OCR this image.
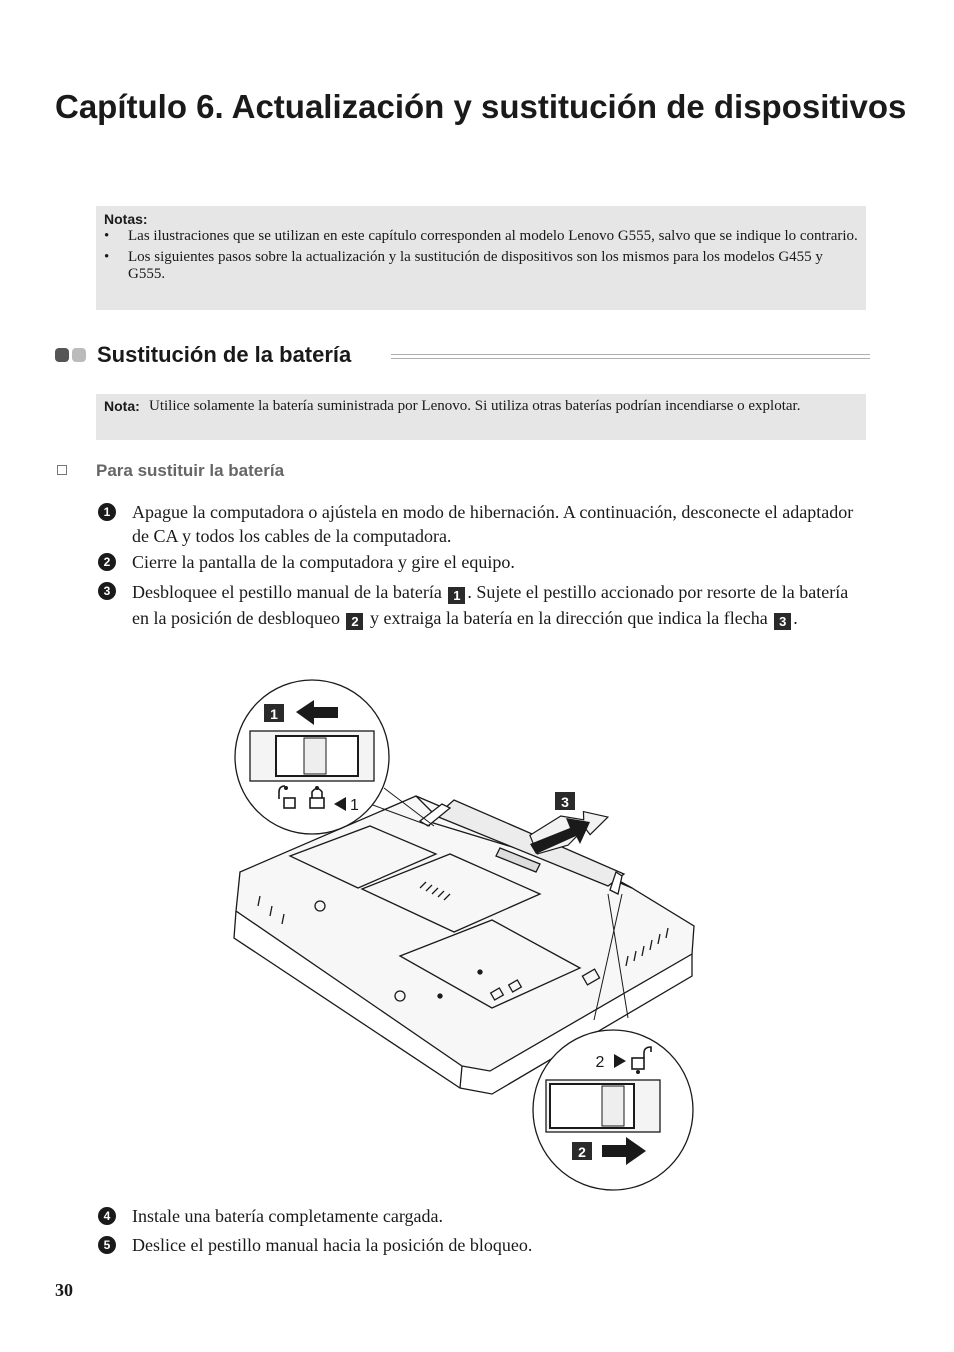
Capítulo 6. Actualización y sustitución de dispositivos
Notas:
• Las ilustraciones que se utilizan en este capítulo corresponden al modelo Lenovo G555, salvo que se indique lo contrario.
• Los siguientes pasos sobre la actualización y la sustitución de dispositivos son los mismos para los modelos G455 y G555.
Sustitución de la batería
Nota: Utilice solamente la batería suministrada por Lenovo. Si utiliza otras baterías podrían incendiarse o explotar.
Para sustituir la batería
1	Apague la computadora o ajústela en modo de hibernación. A continuación, desconecte el adaptador de CA y todos los cables de la computadora.
2	Cierre la pantalla de la computadora y gire el equipo.
3	Desbloquee el pestillo manual de la batería 1 . Sujete el pestillo accionado por resorte de la batería en la posición de desbloqueo 2 y extraiga la batería en la dirección que indica la flecha 3 .
1
1	3
2
2
4	Instale una batería completamente cargada.
5	Deslice el pestillo manual hacia la posición de bloqueo.
30
